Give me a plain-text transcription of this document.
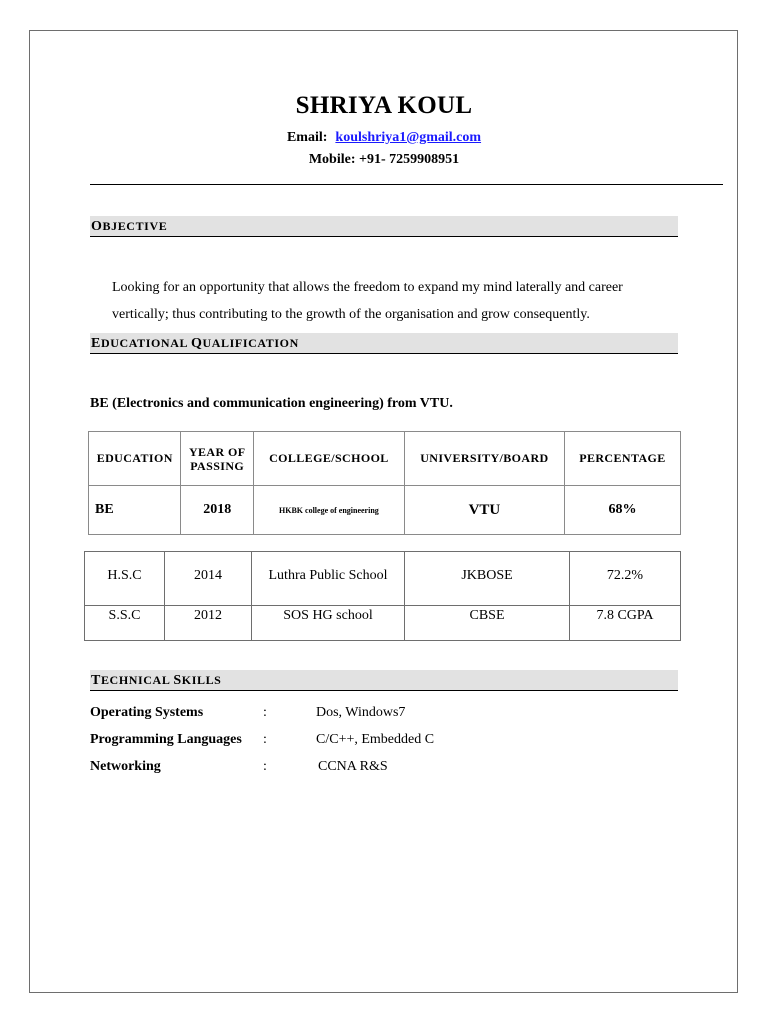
SHRIYA KOUL
Email: koulshriya1@gmail.com
Mobile: +91- 7259908951
OBJECTIVE
Looking for an opportunity that allows the freedom to expand my mind laterally and career
vertically; thus contributing to the growth of the organisation and grow consequently.
EDUCATIONAL QUALIFICATION
BE (Electronics and communication engineering) from VTU.
EDUCATION	YEAR OF PASSING	COLLEGE/SCHOOL	UNIVERSITY/BOARD	PERCENTAGE
BE	2018	HKBK college of engineering	VTU	68%
H.S.C	2014	Luthra Public School	JKBOSE	72.2%
S.S.C	2012	SOS HG school	CBSE	7.8 CGPA
TECHNICAL SKILLS
Operating Systems	:	Dos, Windows7
Programming Languages	:	C/C++, Embedded C
Networking	:	CCNA R&S
